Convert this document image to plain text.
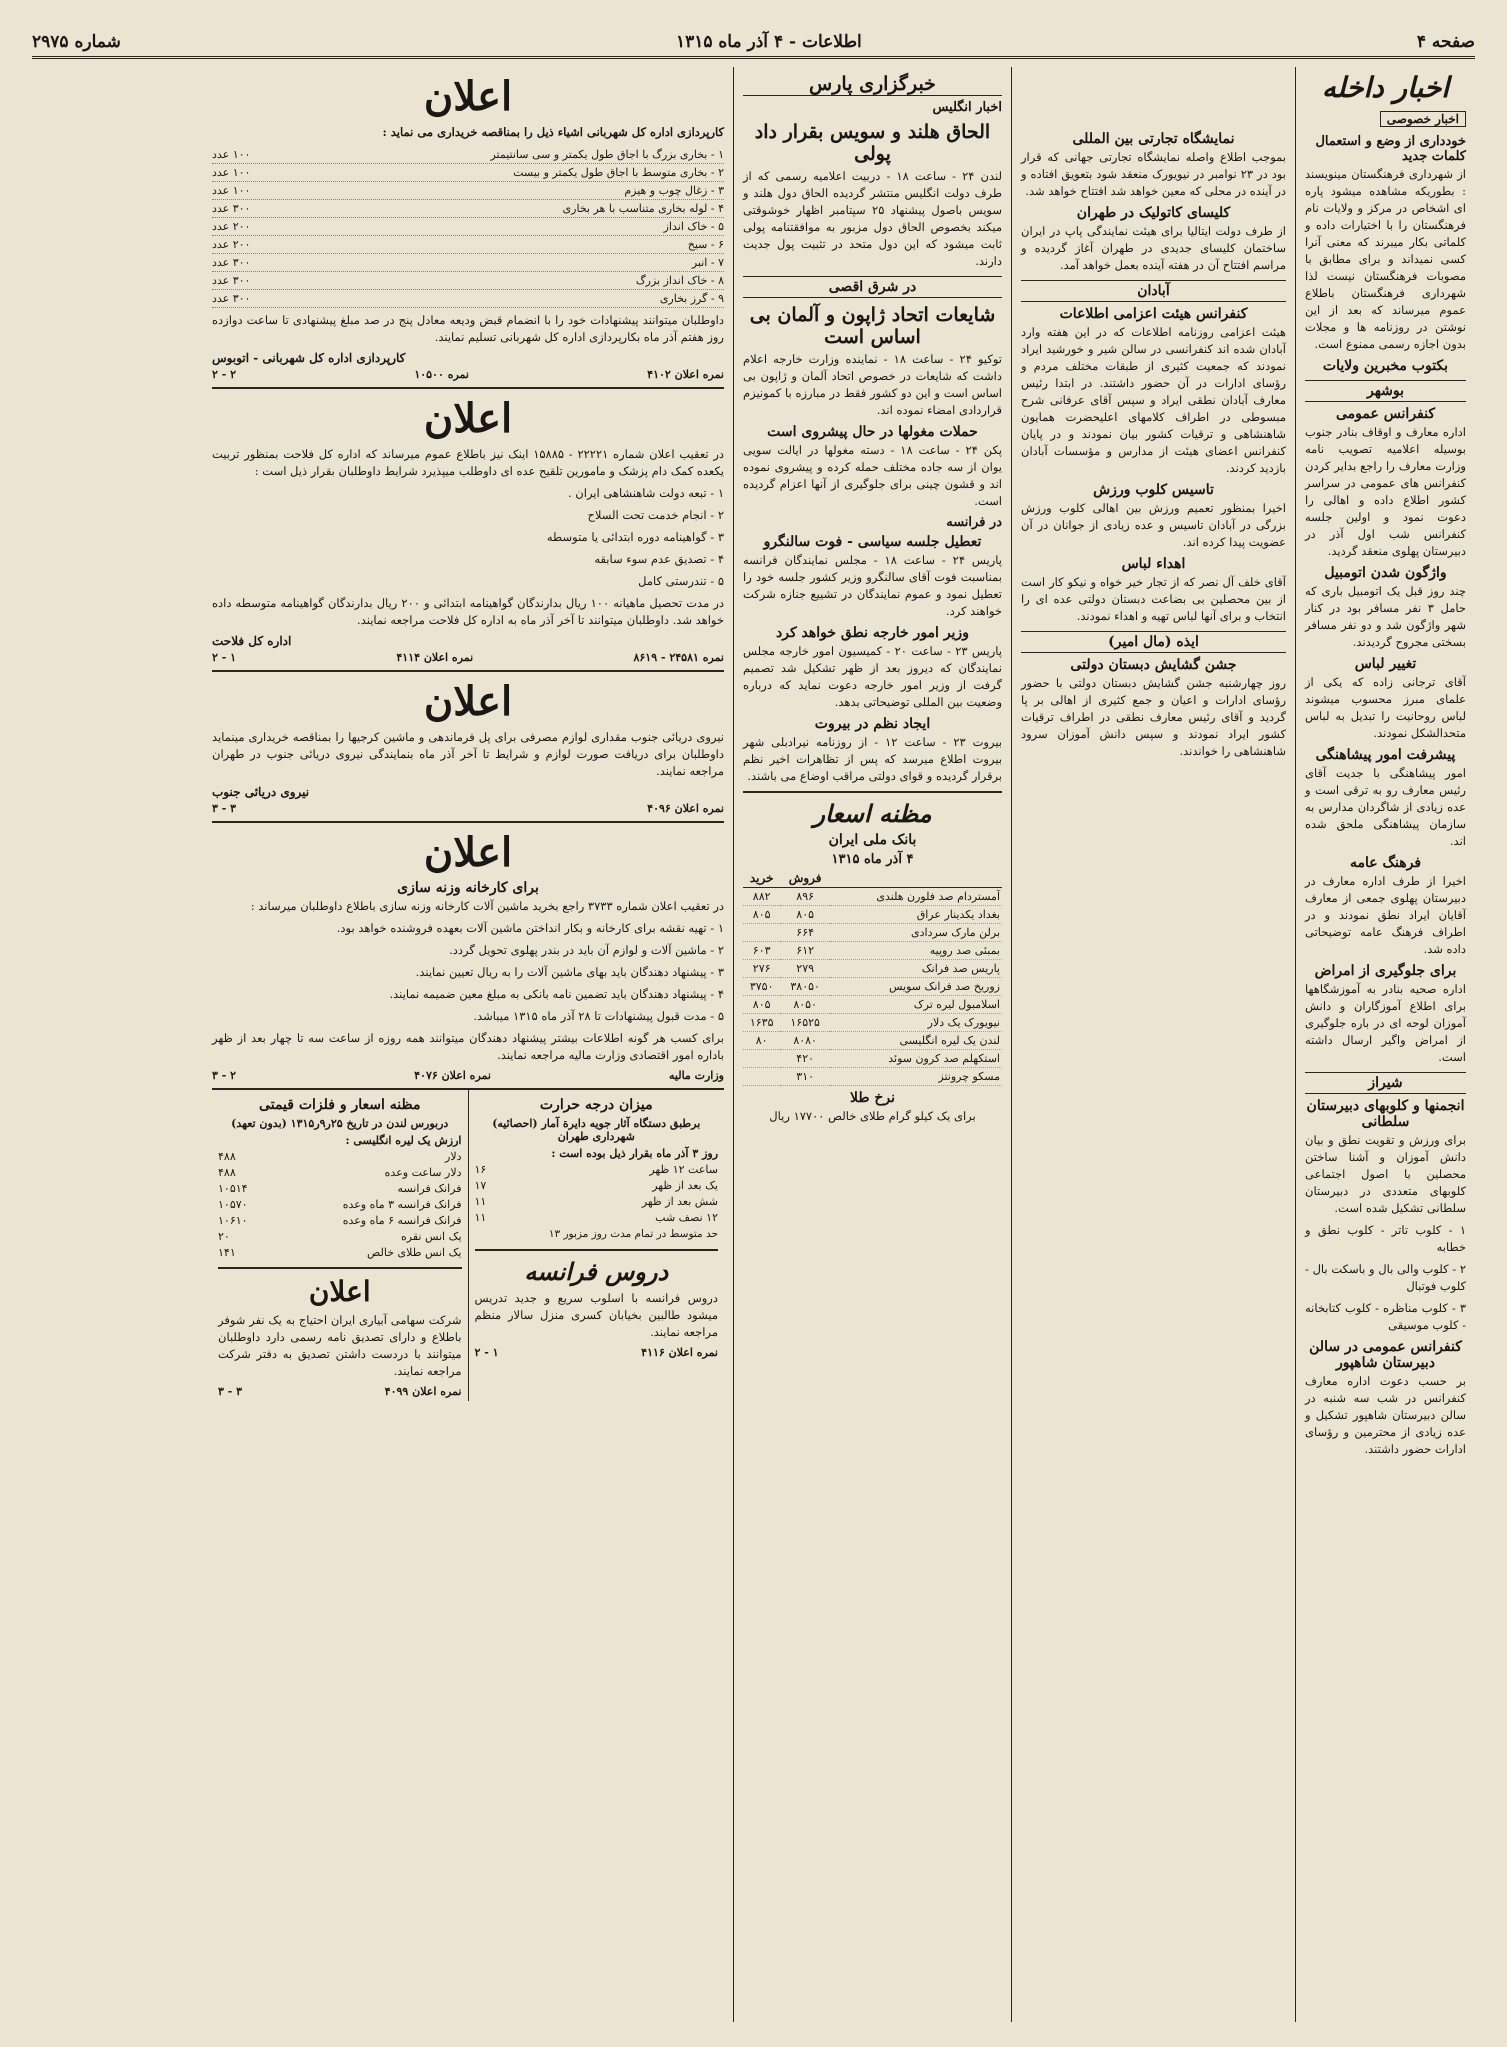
صفحه ۴
اطلاعات - ۴ آذر ماه ۱۳۱۵
شماره ۲۹۷۵
اخبار داخله
اخبار خصوصی
خودداری از وضع و استعمال کلمات جدید

از شهرداری فرهنگستان مینویسند : بطوریکه مشاهده میشود پاره ای اشخاص در مرکز و ولایات نام فرهنگستان را با اختیارات داده و کلماتی بکار میبرند که معنی آنرا کسی نمیداند و برای مطابق با مصوبات فرهنگستان نیست لذا شهرداری فرهنگستان باطلاع عموم میرساند که بعد از این نوشتن در روزنامه ها و مجلات بدون اجازه رسمی ممنوع است.

بکتوب مخبرین ولایات
بوشهر
کنفرانس عمومی

اداره معارف و اوقاف بنادر جنوب بوسیله اعلامیه تصویب نامه وزارت معارف را راجع بدایر کردن کنفرانس های عمومی در سراسر کشور اطلاع داده و اهالی را دعوت نمود و اولین جلسه کنفرانس شب اول آذر در دبیرستان پهلوی منعقد گردید.

واژگون شدن اتومبیل

چند روز قبل یک اتومبیل باری که حامل ۳ نفر مسافر بود در کنار شهر واژگون شد و دو نفر مسافر بسختی مجروح گردیدند.

تغییر لباس

آقای ترجانی زاده که یکی از علمای مبرز محسوب میشوند لباس روحانیت را تبدیل به لباس متحدالشکل نمودند.

پیشرفت امور پیشاهنگی

امور پیشاهنگی با جدیت آقای رئیس معارف رو به ترقی است و عده زیادی از شاگردان مدارس به سازمان پیشاهنگی ملحق شده اند.

فرهنگ عامه

اخیرا از طرف اداره معارف در دبیرستان پهلوی جمعی از معارف آقایان ایراد نطق نمودند و در اطراف فرهنگ عامه توضیحاتی داده شد.

برای جلوگیری از امراض

اداره صحیه بنادر به آموزشگاهها برای اطلاع آموزگاران و دانش آموزان لوحه ای در باره جلوگیری از امراض واگیر ارسال داشته است.

شیراز
انجمنها و کلوبهای دبیرستان سلطانی

برای ورزش و تقویت نطق و بیان دانش آموزان و آشنا ساختن محصلین با اصول اجتماعی کلوبهای متعددی در دبیرستان سلطانی تشکیل شده است.

۱ - کلوب تاتر - کلوب نطق و خطابه

۲ - کلوب والی بال و باسکت بال - کلوب فوتبال

۳ - کلوب مناظره - کلوب کتابخانه - کلوب موسیقی

کنفرانس عمومی در سالن دبیرستان شاهپور

بر حسب دعوت اداره معارف کنفرانس در شب سه شنبه در سالن دبیرستان شاهپور تشکیل و عده زیادی از محترمین و رؤسای ادارات حضور داشتند.

نمایشگاه تجارتی بین المللی

بموجب اطلاع واصله نمایشگاه تجارتی جهانی که قرار بود در ۲۳ نوامبر در نیویورک منعقد شود بتعویق افتاده و در آینده در محلی که معین خواهد شد افتتاح خواهد شد.

کلیسای کاتولیک در طهران

از طرف دولت ایتالیا برای هیئت نمایندگی پاپ در ایران ساختمان کلیسای جدیدی در طهران آغاز گردیده و مراسم افتتاح آن در هفته آینده بعمل خواهد آمد.

آبادان
کنفرانس هیئت اعزامی اطلاعات

هیئت اعزامی روزنامه اطلاعات که در این هفته وارد آبادان شده اند کنفرانسی در سالن شیر و خورشید ایراد نمودند که جمعیت کثیری از طبقات مختلف مردم و رؤسای ادارات در آن حضور داشتند. در ابتدا رئیس معارف آبادان نطقی ایراد و سپس آقای عرفانی شرح مبسوطی در اطراف کلامهای اعلیحضرت همایون شاهنشاهی و ترقیات کشور بیان نمودند و در پایان کنفرانس اعضای هیئت از مدارس و مؤسسات آبادان بازدید کردند.

تاسیس کلوب ورزش

اخیرا بمنظور تعمیم ورزش بین اهالی کلوب ورزش بزرگی در آبادان تاسیس و عده زیادی از جوانان در آن عضویت پیدا کرده اند.

اهداء لباس

آقای خلف آل نصر که از تجار خیر خواه و نیکو کار است از بین محصلین بی بضاعت دبستان دولتی عده ای را انتخاب و برای آنها لباس تهیه و اهداء نمودند.

ایذه (مال امیر)
جشن گشایش دبستان دولتی

روز چهارشنبه جشن گشایش دبستان دولتی با حضور رؤسای ادارات و اعیان و جمع کثیری از اهالی بر پا گردید و آقای رئیس معارف نطقی در اطراف ترقیات کشور ایراد نمودند و سپس دانش آموزان سرود شاهنشاهی را خواندند.

خبرگزاری پارس
اخبار انگلیس
الحاق هلند و سویس بقرار داد پولی

لندن ۲۴ - ساعت ۱۸ - دربیت اعلامیه رسمی که از طرف دولت انگلیس منتشر گردیده الحاق دول هلند و سویس باصول پیشنهاد ۲۵ سپتامبر اظهار خوشوقتی میکند بخصوص الحاق دول مزبور به موافقتنامه پولی ثابت میشود که این دول متحد در تثبیت پول جدیت دارند.

در شرق اقصی
شایعات اتحاد ژاپون و آلمان بی اساس است

توکیو ۲۴ - ساعت ۱۸ - نماینده وزارت خارجه اعلام داشت که شایعات در خصوص اتحاد آلمان و ژاپون بی اساس است و این دو کشور فقط در مبارزه با کمونیزم قراردادی امضاء نموده اند.

حملات مغولها در حال پیشروی است

پکن ۲۴ - ساعت ۱۸ - دسته مغولها در ایالت سویی یوان از سه جاده مختلف حمله کرده و پیشروی نموده اند و قشون چینی برای جلوگیری از آنها اعزام گردیده است.

در فرانسه
تعطیل جلسه سیاسی - فوت سالنگرو

پاریس ۲۴ - ساعت ۱۸ - مجلس نمایندگان فرانسه بمناسبت فوت آقای سالنگرو وزیر کشور جلسه خود را تعطیل نمود و عموم نمایندگان در تشییع جنازه شرکت خواهند کرد.

وزیر امور خارجه نطق خواهد کرد

پاریس ۲۳ - ساعت ۲۰ - کمیسیون امور خارجه مجلس نمایندگان که دیروز بعد از ظهر تشکیل شد تصمیم گرفت از وزیر امور خارجه دعوت نماید که درباره وضعیت بین المللی توضیحاتی بدهد.

ایجاد نظم در بیروت

بیروت ۲۳ - ساعت ۱۲ - از روزنامه نیرادبلی شهر بیروت اطلاع میرسد که پس از تظاهرات اخیر نظم برقرار گردیده و قوای دولتی مراقب اوضاع می باشند.

مظنه اسعار
بانک ملی ایران
۴ آذر ماه ۱۳۱۵
	فروش	خرید
آمستردام صد فلورن هلندی	۸۹۶	۸۸۲
بغداد یکدینار عراق	۸۰۵	۸۰۵
برلن مارک سردادی	۶۶۴	
بمبئی صد روپیه	۶۱۲	۶۰۳
پاریس صد فرانک	۲۷۹	۲۷۶
زوریخ صد فرانک سویس	۳۸۰۵۰	۳۷۵۰
اسلامبول لیره ترک	۸۰۵۰	۸۰۵
نیویورک یک دلار	۱۶۵۲۵	۱۶۳۵
لندن یک لیره انگلیسی	۸۰۸۰	۸۰
استکهلم صد کرون سوئد	۴۲۰	
مسکو چرونتز	۳۱۰	
نرخ طلا

برای یک کیلو گرام طلای خالص ۱۷۷۰۰ ریال

اعلان

کارپردازی اداره کل شهربانی اشیاء ذیل را بمناقصه خریداری می نماید :

۱ - بخاری بزرگ با اجاق طول یکمتر و سی سانتیمتر
۱۰۰ عدد
۲ - بخاری متوسط با اجاق طول یکمتر و بیست
۱۰۰ عدد
۳ - زغال چوب و هیزم
۱۰۰ عدد
۴ - لوله بخاری متناسب با هر بخاری
۳۰۰ عدد
۵ - خاک انداز
۲۰۰ عدد
۶ - سیخ
۲۰۰ عدد
۷ - انبر
۳۰۰ عدد
۸ - خاک انداز بزرگ
۳۰۰ عدد
۹ - گرز بخاری
۳۰۰ عدد

داوطلبان میتوانند پیشنهادات خود را با انضمام قبض ودیعه معادل پنج در صد مبلغ پیشنهادی تا ساعت دوازده روز هفتم آذر ماه بکارپردازی اداره کل شهربانی تسلیم نمایند.

کارپردازی اداره کل شهربانی - اتوبوس
نمره اعلان ۴۱۰۲
نمره ۱۰۵۰۰
۲ - ۲
اعلان

در تعقیب اعلان شماره ۲۲۲۲۱ - ۱۵۸۸۵ اینک نیز باطلاع عموم میرساند که اداره کل فلاحت بمنظور تربیت یکعده کمک دام پزشک و مامورین تلقیح عده ای داوطلب میپذیرد شرایط داوطلبان بقرار ذیل است :

۱ - تبعه دولت شاهنشاهی ایران .

۲ - انجام خدمت تحت السلاح

۳ - گواهینامه دوره ابتدائی یا متوسطه

۴ - تصدیق عدم سوء سابقه

۵ - تندرستی کامل

در مدت تحصیل ماهیانه ۱۰۰ ریال بدارندگان گواهینامه ابتدائی و ۲۰۰ ریال بدارندگان گواهینامه متوسطه داده خواهد شد. داوطلبان میتوانند تا آخر آذر ماه به اداره کل فلاحت مراجعه نمایند.

اداره کل فلاحت
نمره ۲۴۵۸۱ - ۸۶۱۹
نمره اعلان ۴۱۱۴
۱ - ۲
اعلان

نیروی دریائی جنوب مقداری لوازم مصرفی برای پل فرماندهی و ماشین کرجیها را بمناقصه خریداری مینماید داوطلبان برای دریافت صورت لوازم و شرایط تا آخر آذر ماه بنمایندگی نیروی دریائی جنوب در طهران مراجعه نمایند.

نیروی دریائی جنوب
نمره اعلان ۴۰۹۶
۳ - ۳
اعلان
برای کارخانه وزنه سازی

در تعقیب اعلان شماره ۳۷۳۳ راجع بخرید ماشین آلات کارخانه وزنه سازی باطلاع داوطلبان میرساند :

۱ - تهیه نقشه برای کارخانه و بکار انداختن ماشین آلات بعهده فروشنده خواهد بود.

۲ - ماشین آلات و لوازم آن باید در بندر پهلوی تحویل گردد.

۳ - پیشنهاد دهندگان باید بهای ماشین آلات را به ریال تعیین نمایند.

۴ - پیشنهاد دهندگان باید تضمین نامه بانکی به مبلغ معین ضمیمه نمایند.

۵ - مدت قبول پیشنهادات تا ۲۸ آذر ماه ۱۳۱۵ میباشد.

برای کسب هر گونه اطلاعات بیشتر پیشنهاد دهندگان میتوانند همه روزه از ساعت سه تا چهار بعد از ظهر باداره امور اقتصادی وزارت مالیه مراجعه نمایند.

وزارت مالیه
نمره اعلان ۴۰۷۶
۲ - ۳
میزان درجه حرارت
برطبق دستگاه آثار جویه دایرة آمار (احصائیه) شهرداری طهران
روز ۳ آذر ماه بقرار ذیل بوده است :
ساعت ۱۲ ظهر
۱۶
یک بعد از ظهر
۱۷
شش بعد از ظهر
۱۱
۱۲ نصف شب
۱۱

حد متوسط در تمام مدت روز مزبور ۱۳

دروس فرانسه

دروس فرانسه با اسلوب سریع و جدید تدریس میشود طالبین بخیابان کسری منزل سالار منظم مراجعه نمایند.

نمره اعلان ۴۱۱۶
۱ - ۲
مظنه اسعار و فلزات قیمتی
دربورس لندن در تاریخ ۲۵ر۹ر۱۳۱۵ (بدون تعهد)
ارزش یک لیره انگلیسی :
دلار
۴۸۸
دلار ساعت وعده
۴۸۸
فرانک فرانسه
۱۰۵۱۴
فرانک فرانسه ۳ ماه وعده
۱۰۵۷۰
فرانک فرانسه ۶ ماه وعده
۱۰۶۱۰
یک انس نقره
۲۰
یک انس طلای خالص
۱۴۱
اعلان

شرکت سهامی آبیاری ایران احتیاج به یک نفر شوفر باطلاع و دارای تصدیق نامه رسمی دارد داوطلبان میتوانند با دردست داشتن تصدیق به دفتر شرکت مراجعه نمایند.

نمره اعلان ۴۰۹۹
۳ - ۳
